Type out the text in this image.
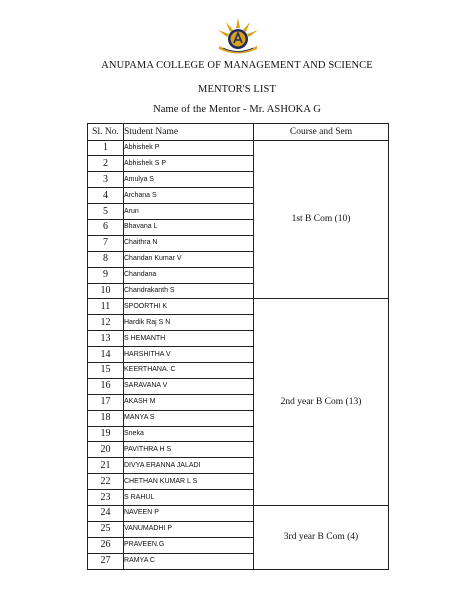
ANUPAMA COLLEGE OF MANAGEMENT AND SCIENCE
MENTOR'S LIST
Name of the Mentor - Mr. ASHOKA G
Sl. No.	Student Name	Course and Sem
1	Abhishek P	1st B Com (10)
2	Abhishek S P	
3	Amulya S	
4	Archana S	
5	Arun	
6	Bhavana L	
7	Chaithra N	
8	Chandan Kumar V	
9	Chandana	
10	Chandrakanth S	
11	SPOORTHI K	2nd year B Com (13)
12	Hardik Raj S N	
13	S HEMANTH	
14	HARSHITHA V	
15	KEERTHANA. C	
16	SARAVANA V	
17	AKASH M	
18	MANYA S	
19	Sneka	
20	PAVITHRA H S	
21	DIVYA ERANNA JALADI	
22	CHETHAN KUMAR L S	
23	S RAHUL	
24	NAVEEN P	3rd year B Com (4)
25	VANUMADHI P	
26	PRAVEEN.G	
27	RAMYA C	
